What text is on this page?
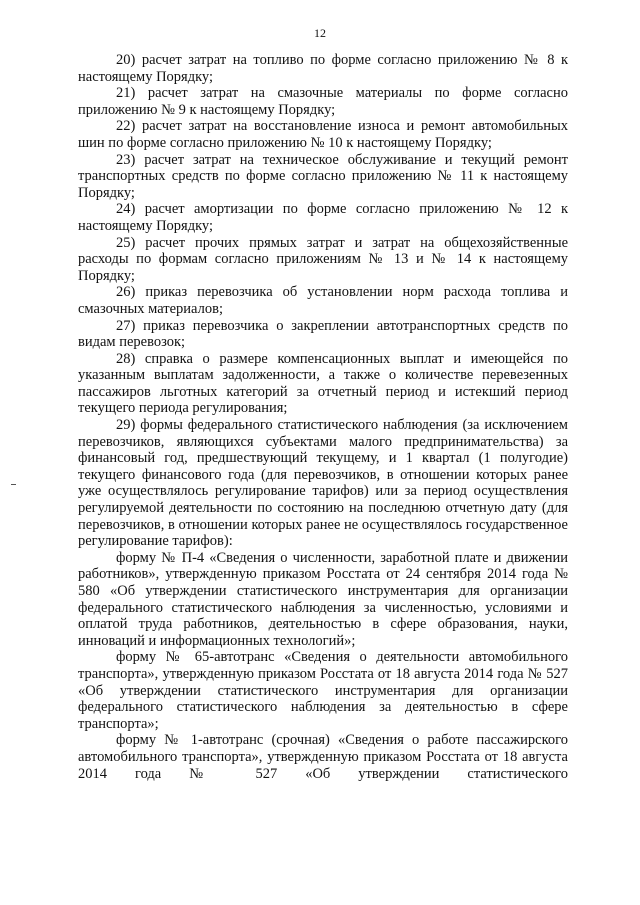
12

20) расчет затрат на топливо по форме согласно приложению № 8 к настоящему Порядку;

21) расчет затрат на смазочные материалы по форме согласно приложению № 9 к настоящему Порядку;

22) расчет затрат на восстановление износа и ремонт автомобильных шин по форме согласно приложению № 10 к настоящему Порядку;

23) расчет затрат на техническое обслуживание и текущий ремонт транспортных средств по форме согласно приложению № 11 к настоящему Порядку;

24) расчет амортизации по форме согласно приложению № 12 к настоящему Порядку;

25) расчет прочих прямых затрат и затрат на общехозяйственные расходы по формам согласно приложениям № 13 и № 14 к настоящему Порядку;

26) приказ перевозчика об установлении норм расхода топлива и смазочных материалов;

27) приказ перевозчика о закреплении автотранспортных средств по видам перевозок;

28) справка о размере компенсационных выплат и имеющейся по указанным выплатам задолженности, а также о количестве перевезенных пассажиров льготных категорий за отчетный период и истекший период текущего периода регулирования;

29) формы федерального статистического наблюдения (за исключением перевозчиков, являющихся субъектами малого предпринимательства) за финансовый год, предшествующий текущему, и 1 квартал (1 полугодие) текущего финансового года (для перевозчиков, в отношении которых ранее уже осуществлялось регулирование тарифов) или за период осуществления регулируемой деятельности по состоянию на последнюю отчетную дату (для перевозчиков, в отношении которых ранее не осуществлялось государственное регулирование тарифов):

форму № П-4 «Сведения о численности, заработной плате и движении работников», утвержденную приказом Росстата от 24 сентября 2014 года № 580 «Об утверждении статистического инструментария для организации федерального статистического наблюдения за численностью, условиями и оплатой труда работников, деятельностью в сфере образования, науки, инноваций и информационных технологий»;

форму № 65-автотранс «Сведения о деятельности автомобильного транспорта», утвержденную приказом Росстата от 18 августа 2014 года № 527 «Об утверждении статистического инструментария для организации федерального статистического наблюдения за деятельностью в сфере транспорта»;

форму № 1-автотранс (срочная) «Сведения о работе пассажирского автомобильного транспорта», утвержденную приказом Росстата от 18 августа 2014 года № 527 «Об утверждении статистического
